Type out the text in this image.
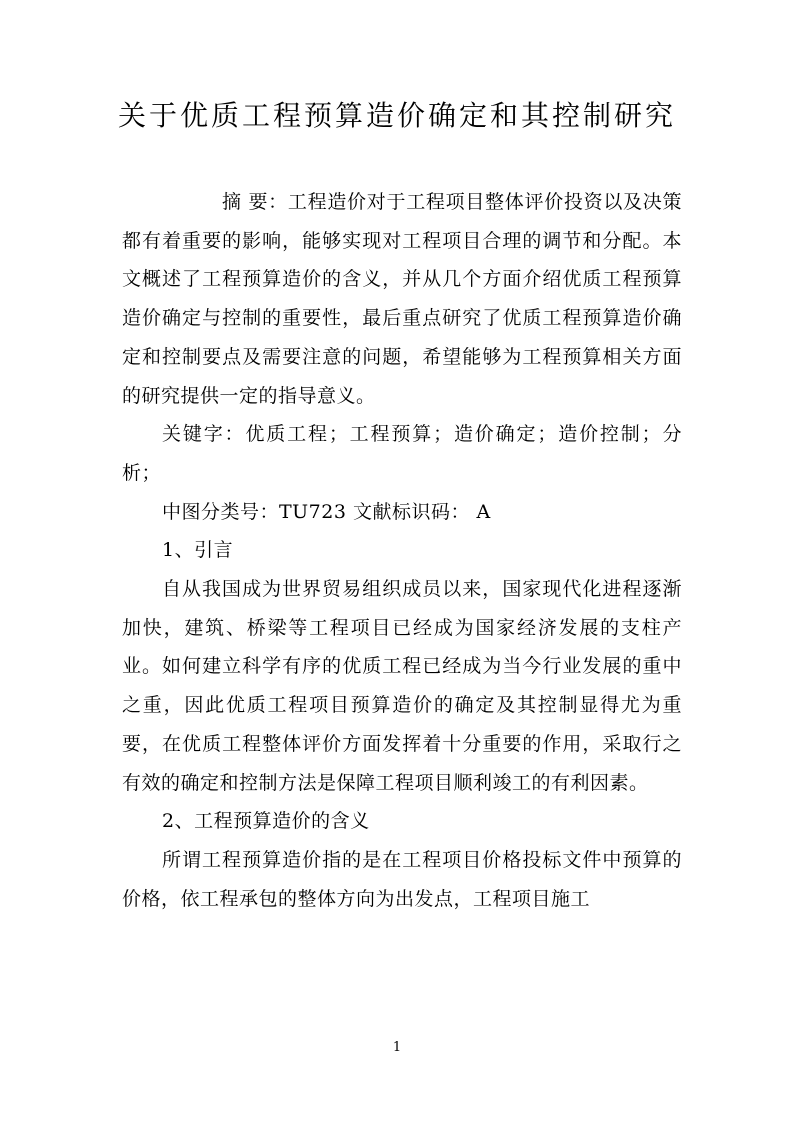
关于优质工程预算造价确定和其控制研究

摘 要：工程造价对于工程项目整体评价投资以及决策都有着重要的影响，能够实现对工程项目合理的调节和分配。本文概述了工程预算造价的含义，并从几个方面介绍优质工程预算造价确定与控制的重要性，最后重点研究了优质工程预算造价确定和控制要点及需要注意的问题，希望能够为工程预算相关方面的研究提供一定的指导意义。

关键字：优质工程；工程预算；造价确定；造价控制；分析；

中图分类号：TU723 文献标识码： A

1、引言

自从我国成为世界贸易组织成员以来，国家现代化进程逐渐加快，建筑、桥梁等工程项目已经成为国家经济发展的支柱产业。如何建立科学有序的优质工程已经成为当今行业发展的重中之重，因此优质工程项目预算造价的确定及其控制显得尤为重要，在优质工程整体评价方面发挥着十分重要的作用，采取行之有效的确定和控制方法是保障工程项目顺利竣工的有利因素。

2、工程预算造价的含义

所谓工程预算造价指的是在工程项目价格投标文件中预算的价格，依工程承包的整体方向为出发点，工程项目施工

1
